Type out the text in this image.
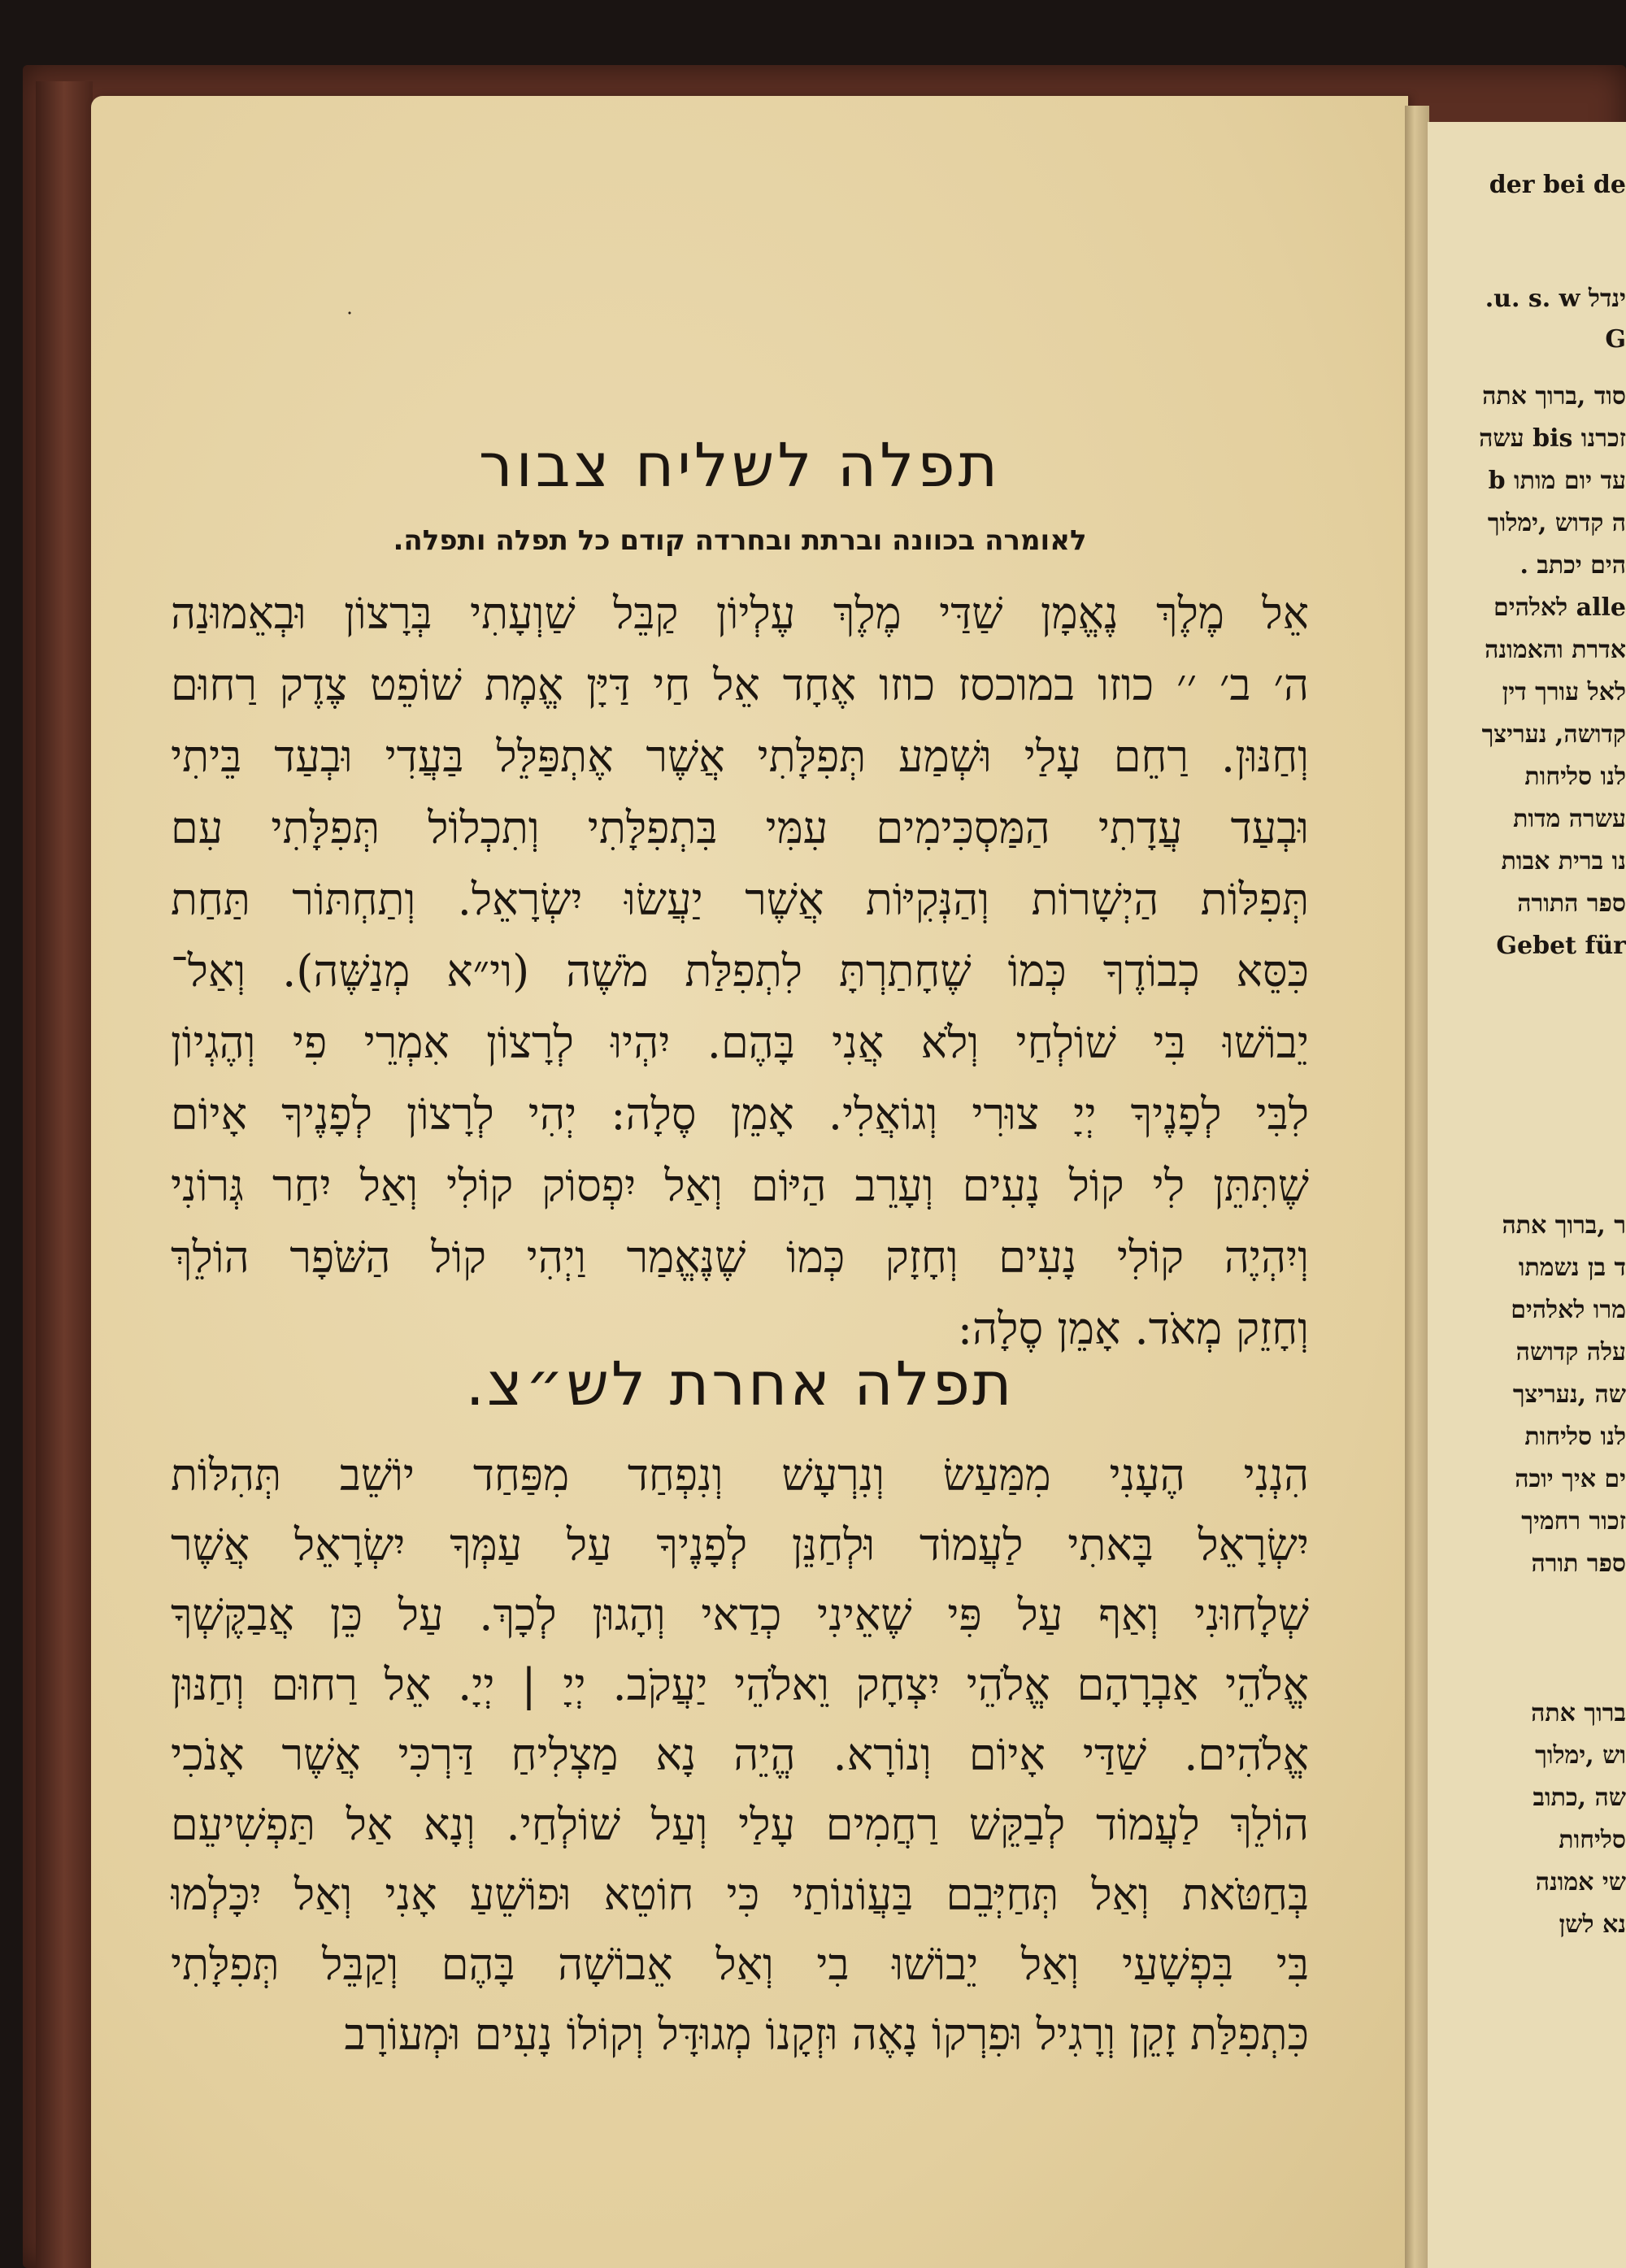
תפלה לשליח צבור
לאומרה בכוונה וברתת ובחרדה קודם כל תפלה ותפלה.
אֵל מֶלֶךְ נֶאֱמָן שַׁדַּי מֶלֶךְ עֶלְיוֹן קַבֵּל שַׁוְעָתִי בְּרָצוֹן וּבְאֵמוּנַה
ה׳ ב׳ ׳׳ כוזו במוכסז כוזו אֶחָד אֵל חַי דַּיָּן אֱמֶת שׁוֹפֵט צֶדֶק רַחוּם
וְחַנּוּן. רַחֵם עָלַי וּשְׁמַע תְּפִלָּתִי אֲשֶׁר אֶתְפַּלֵּל בַּעֲדִי וּבְעַד בֵּיתִי
וּבְעַד עֲדָתִי הַמַּסְכִּימִים עִמִּי בִּתְפִלָּתִי וְתִכְלוֹל תְּפִלָּתִי עִם
תְּפִלּוֹת הַיְשָׁרוֹת וְהַנְּקִיּוֹת אֲשֶׁר יַעֲשׂוּ יִשְׂרָאֵל. וְתַחְתּוֹר תַּחַת
כִּסֵּא כְבוֹדֶךָ כְּמוֹ שֶׁחָתַרְתָּ לִתְפִלַּת מֹשֶׁה (וי״א מְנַשֶּׁה). וְאַל־
יֵבוֹשׁוּ בִּי שׁוֹלְחַי וְלֹא אֲנִי בָּהֶם. יִהְיוּ לְרָצוֹן אִמְרֵי פִי וְהֶגְיוֹן
לִבִּי לְפָנֶיךָ יְיָ צוּרִי וְגוֹאֲלִי. אָמֵן סֶלָה: יְהִי לְרָצוֹן לְפָנֶיךָ אָיוֹם
שֶׁתִּתֵּן לִי קוֹל נָעִים וְעָרֵב הַיּוֹם וְאַל יִפְסוֹק קוֹלִי וְאַל יִחַר גְּרוֹנִי
וְיִהְיֶה קוֹלִי נָעִים וְחָזָק כְּמוֹ שֶׁנֶּאֱמַר וַיְהִי קוֹל הַשֹּׁפָר הוֹלֵךְ
וְחָזֵק מְאֹד. אָמֵן סֶלָה:
תפלה אחרת לש״צ.
הִנְנִי הֶעָנִי מִמַּעַשׂ וְנִרְעָשׁ וְנִפְחַד מִפַּחַד יוֹשֵׁב תְּהִלּוֹת
יִשְׂרָאֵל בָּאתִי לַעֲמוֹד וּלְחַנֵּן לְפָנֶיךָ עַל עַמְּךָ יִשְׂרָאֵל אֲשֶׁר
שְׁלָחוּנִי וְאַף עַל פִּי שֶׁאֵינִי כְדַאי וְהָגוּן לְכָךְ. עַל כֵּן אֲבַקֶּשְׁךָ
אֱלֹהֵי אַבְרָהָם אֱלֹהֵי יִצְחָק וֵאלֹהֵי יַעֲקֹב. יְיָ | יְיָ. אֵל רַחוּם וְחַנּוּן
אֱלֹהִים. שַׁדַּי אָיוֹם וְנוֹרָא. הֱיֵה נָא מַצְלִיחַ דַּרְכִּי אֲשֶׁר אָנֹכִי
הוֹלֵךְ לַעֲמוֹד לְבַקֵּשׁ רַחֲמִים עָלַי וְעַל שׁוֹלְחַי. וְנָא אַל תַּפְשִׁיעֵם
בְּחַטֹּאת וְאַל תְּחַיְּבֵם בַּעֲוֹנוֹתַי כִּי חוֹטֵא וּפוֹשֵׁעַ אָנִי וְאַל יִכָּלְמוּ
בִּי בִּפְשָׁעַי וְאַל יֵבוֹשׁוּ בִי וְאַל אֵבוֹשָׁה בָּהֶם וְקַבֵּל תְּפִלָּתִי
כִּתְפִלַּת זָקֵן וְרָגִיל וּפִרְקוֹ נָאֶה וּזְקָנוֹ מְגוּדָּל וְקוֹלוֹ נָעִים וּמְעוֹרָב
der bei de
ינדל u. s. w.
G
סוד ,ברוך אתה
זכרנו bis עשה
עד יום מותו b
ה קדוש ,ימלוך
הים יכתב .
alle לאלהים
אדרת והאמונה
לאל עורך דין
קדושה, נעריצך
לנו סליחות
עשרה מדות
נו ברית אבות
ספר התורה
Gebet für
ר ,ברוך אתה
ד בן נשמתו
מרו לאלהים
עלה קדושה
שה ,נעריצך
לנו סליחות
ים איך יוכה
זכור רחמיך
ספר תורה
ברוך אתה
וש ,ימלוך
שה ,כתוב
סליחות
שי אמונה
נא לשן
